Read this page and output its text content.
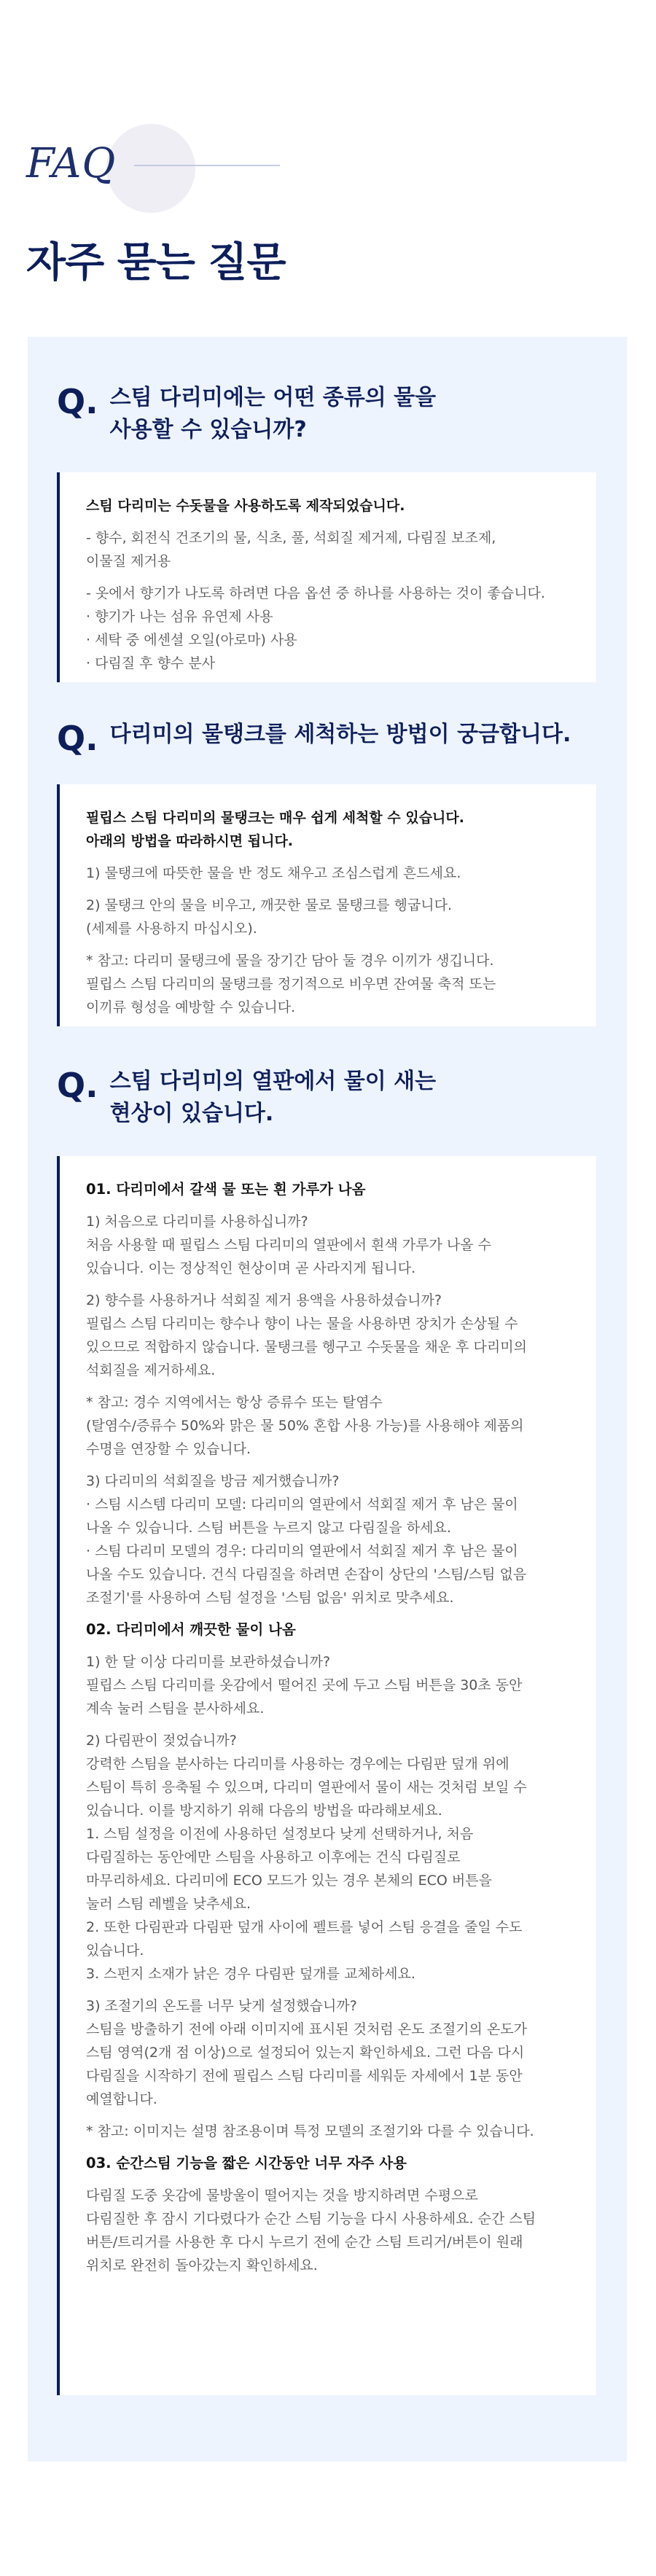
FAQ
자주 묻는 질문
Q. 스팀 다리미에는 어떤 종류의 물을
사용할 수 있습니까?

스팀 다리미는 수돗물을 사용하도록 제작되었습니다.

- 향수, 회전식 건조기의 물, 식초, 풀, 석회질 제거제, 다림질 보조제,
이물질 제거용

- 옷에서 향기가 나도록 하려면 다음 옵션 중 하나를 사용하는 것이 좋습니다.
· 향기가 나는 섬유 유연제 사용
· 세탁 중 에센셜 오일(아로마) 사용
· 다림질 후 향수 분사

Q. 다리미의 물탱크를 세척하는 방법이 궁금합니다.

필립스 스팀 다리미의 물탱크는 매우 쉽게 세척할 수 있습니다.
아래의 방법을 따라하시면 됩니다.

1) 물탱크에 따뜻한 물을 반 정도 채우고 조심스럽게 흔드세요.

2) 물탱크 안의 물을 비우고, 깨끗한 물로 물탱크를 헹굽니다.
(세제를 사용하지 마십시오).

* 참고: 다리미 물탱크에 물을 장기간 담아 둘 경우 이끼가 생깁니다.
필립스 스팀 다리미의 물탱크를 정기적으로 비우면 잔여물 축적 또는
이끼류 형성을 예방할 수 있습니다.

Q. 스팀 다리미의 열판에서 물이 새는
현상이 있습니다.

01. 다리미에서 갈색 물 또는 흰 가루가 나옴

1) 처음으로 다리미를 사용하십니까?
처음 사용할 때 필립스 스팀 다리미의 열판에서 흰색 가루가 나올 수
있습니다. 이는 정상적인 현상이며 곧 사라지게 됩니다.

2) 향수를 사용하거나 석회질 제거 용액을 사용하셨습니까?
필립스 스팀 다리미는 향수나 향이 나는 물을 사용하면 장치가 손상될 수
있으므로 적합하지 않습니다. 물탱크를 헹구고 수돗물을 채운 후 다리미의
석회질을 제거하세요.

* 참고: 경수 지역에서는 항상 증류수 또는 탈염수
(탈염수/증류수 50%와 맑은 물 50% 혼합 사용 가능)를 사용해야 제품의
수명을 연장할 수 있습니다.

3) 다리미의 석회질을 방금 제거했습니까?
· 스팀 시스템 다리미 모델: 다리미의 열판에서 석회질 제거 후 남은 물이
나올 수 있습니다. 스팀 버튼을 누르지 않고 다림질을 하세요.
· 스팀 다리미 모델의 경우: 다리미의 열판에서 석회질 제거 후 남은 물이
나올 수도 있습니다. 건식 다림질을 하려면 손잡이 상단의 '스팀/스팀 없음
조절기'를 사용하여 스팀 설정을 '스팀 없음' 위치로 맞추세요.

02. 다리미에서 깨끗한 물이 나옴

1) 한 달 이상 다리미를 보관하셨습니까?
필립스 스팀 다리미를 옷감에서 떨어진 곳에 두고 스팀 버튼을 30초 동안
계속 눌러 스팀을 분사하세요.

2) 다림판이 젖었습니까?
강력한 스팀을 분사하는 다리미를 사용하는 경우에는 다림판 덮개 위에
스팀이 특히 응축될 수 있으며, 다리미 열판에서 물이 새는 것처럼 보일 수
있습니다. 이를 방지하기 위해 다음의 방법을 따라해보세요.
1. 스팀 설정을 이전에 사용하던 설정보다 낮게 선택하거나, 처음
다림질하는 동안에만 스팀을 사용하고 이후에는 건식 다림질로
마무리하세요. 다리미에 ECO 모드가 있는 경우 본체의 ECO 버튼을
눌러 스팀 레벨을 낮추세요.
2. 또한 다림판과 다림판 덮개 사이에 펠트를 넣어 스팀 응결을 줄일 수도
있습니다.
3. 스펀지 소재가 낡은 경우 다림판 덮개를 교체하세요.

3) 조절기의 온도를 너무 낮게 설정했습니까?
스팀을 방출하기 전에 아래 이미지에 표시된 것처럼 온도 조절기의 온도가
스팀 영역(2개 점 이상)으로 설정되어 있는지 확인하세요. 그런 다음 다시
다림질을 시작하기 전에 필립스 스팀 다리미를 세워둔 자세에서 1분 동안
예열합니다.

* 참고: 이미지는 설명 참조용이며 특정 모델의 조절기와 다를 수 있습니다.

03. 순간스팀 기능을 짧은 시간동안 너무 자주 사용

다림질 도중 옷감에 물방울이 떨어지는 것을 방지하려면 수평으로
다림질한 후 잠시 기다렸다가 순간 스팀 기능을 다시 사용하세요. 순간 스팀
버튼/트리거를 사용한 후 다시 누르기 전에 순간 스팀 트리거/버튼이 원래
위치로 완전히 돌아갔는지 확인하세요.
